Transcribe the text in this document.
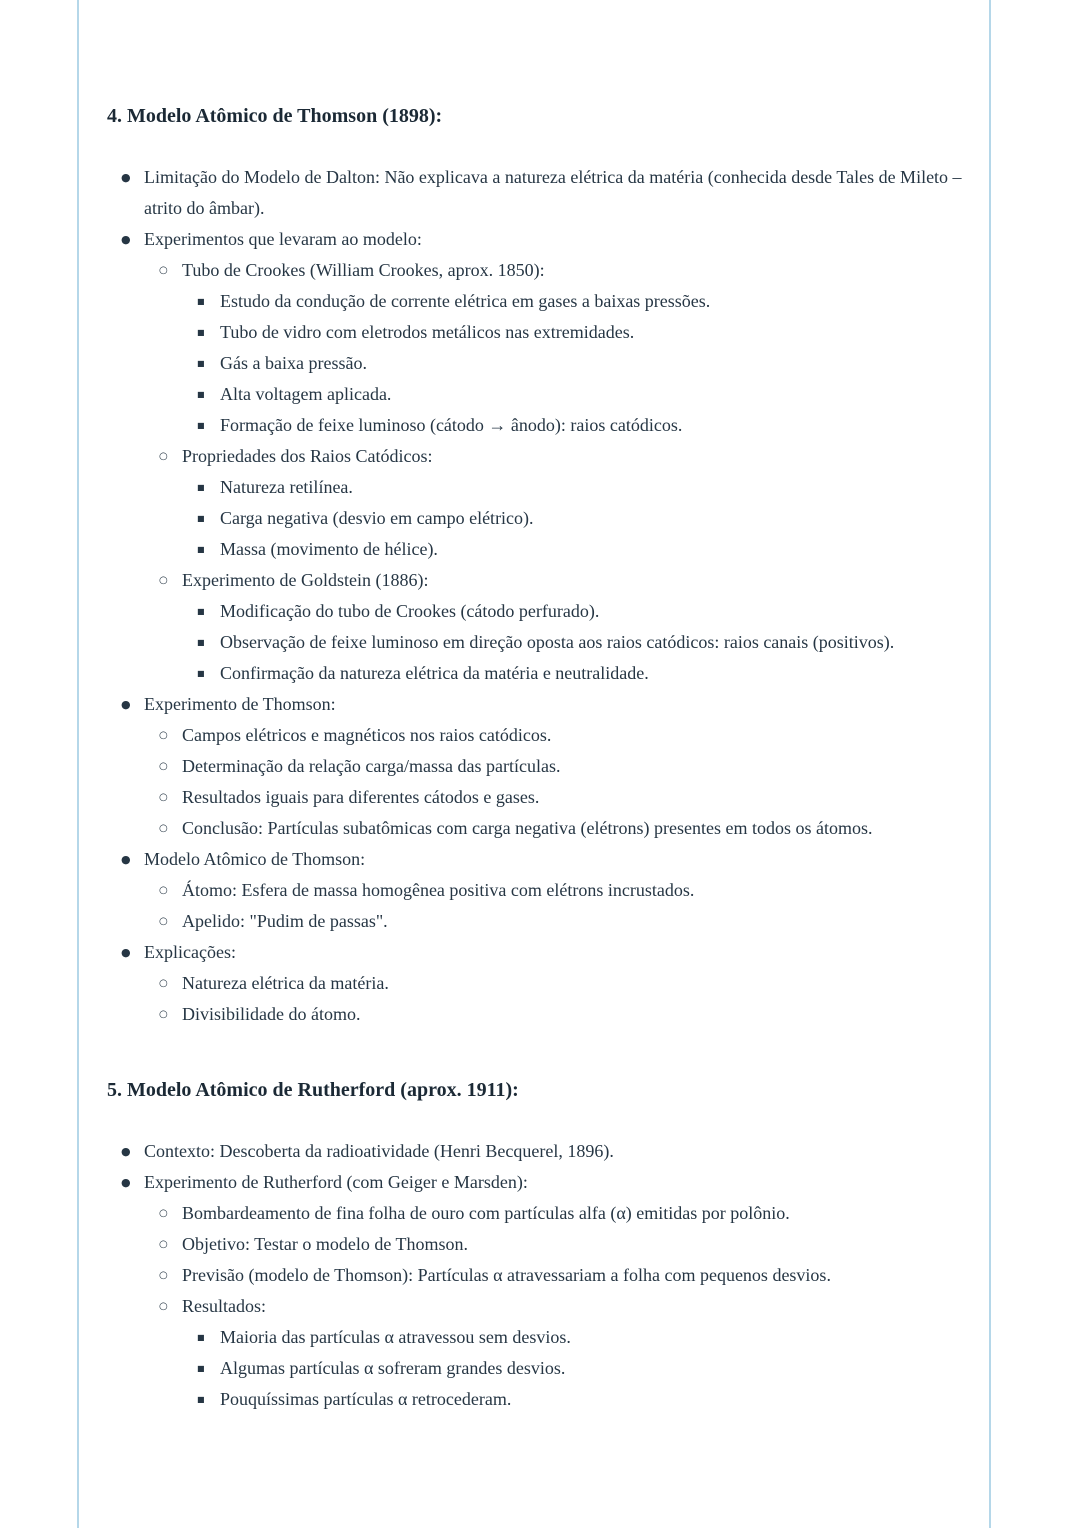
4. Modelo Atômico de Thomson (1898):
● Limitação do Modelo de Dalton: Não explicava a natureza elétrica da matéria (conhecida desde Tales de Mileto – atrito do âmbar).
● Experimentos que levaram ao modelo:
○ Tubo de Crookes (William Crookes, aprox. 1850):
■ Estudo da condução de corrente elétrica em gases a baixas pressões.
■ Tubo de vidro com eletrodos metálicos nas extremidades.
■ Gás a baixa pressão.
■ Alta voltagem aplicada.
■ Formação de feixe luminoso (cátodo → ânodo): raios catódicos.
○ Propriedades dos Raios Catódicos:
■ Natureza retilínea.
■ Carga negativa (desvio em campo elétrico).
■ Massa (movimento de hélice).
○ Experimento de Goldstein (1886):
■ Modificação do tubo de Crookes (cátodo perfurado).
■ Observação de feixe luminoso em direção oposta aos raios catódicos: raios canais (positivos).
■ Confirmação da natureza elétrica da matéria e neutralidade.
● Experimento de Thomson:
○ Campos elétricos e magnéticos nos raios catódicos.
○ Determinação da relação carga/massa das partículas.
○ Resultados iguais para diferentes cátodos e gases.
○ Conclusão: Partículas subatômicas com carga negativa (elétrons) presentes em todos os átomos.
● Modelo Atômico de Thomson:
○ Átomo: Esfera de massa homogênea positiva com elétrons incrustados.
○ Apelido: "Pudim de passas".
● Explicações:
○ Natureza elétrica da matéria.
○ Divisibilidade do átomo.
5. Modelo Atômico de Rutherford (aprox. 1911):
● Contexto: Descoberta da radioatividade (Henri Becquerel, 1896).
● Experimento de Rutherford (com Geiger e Marsden):
○ Bombardeamento de fina folha de ouro com partículas alfa (α) emitidas por polônio.
○ Objetivo: Testar o modelo de Thomson.
○ Previsão (modelo de Thomson): Partículas α atravessariam a folha com pequenos desvios.
○ Resultados:
■ Maioria das partículas α atravessou sem desvios.
■ Algumas partículas α sofreram grandes desvios.
■ Pouquíssimas partículas α retrocederam.
